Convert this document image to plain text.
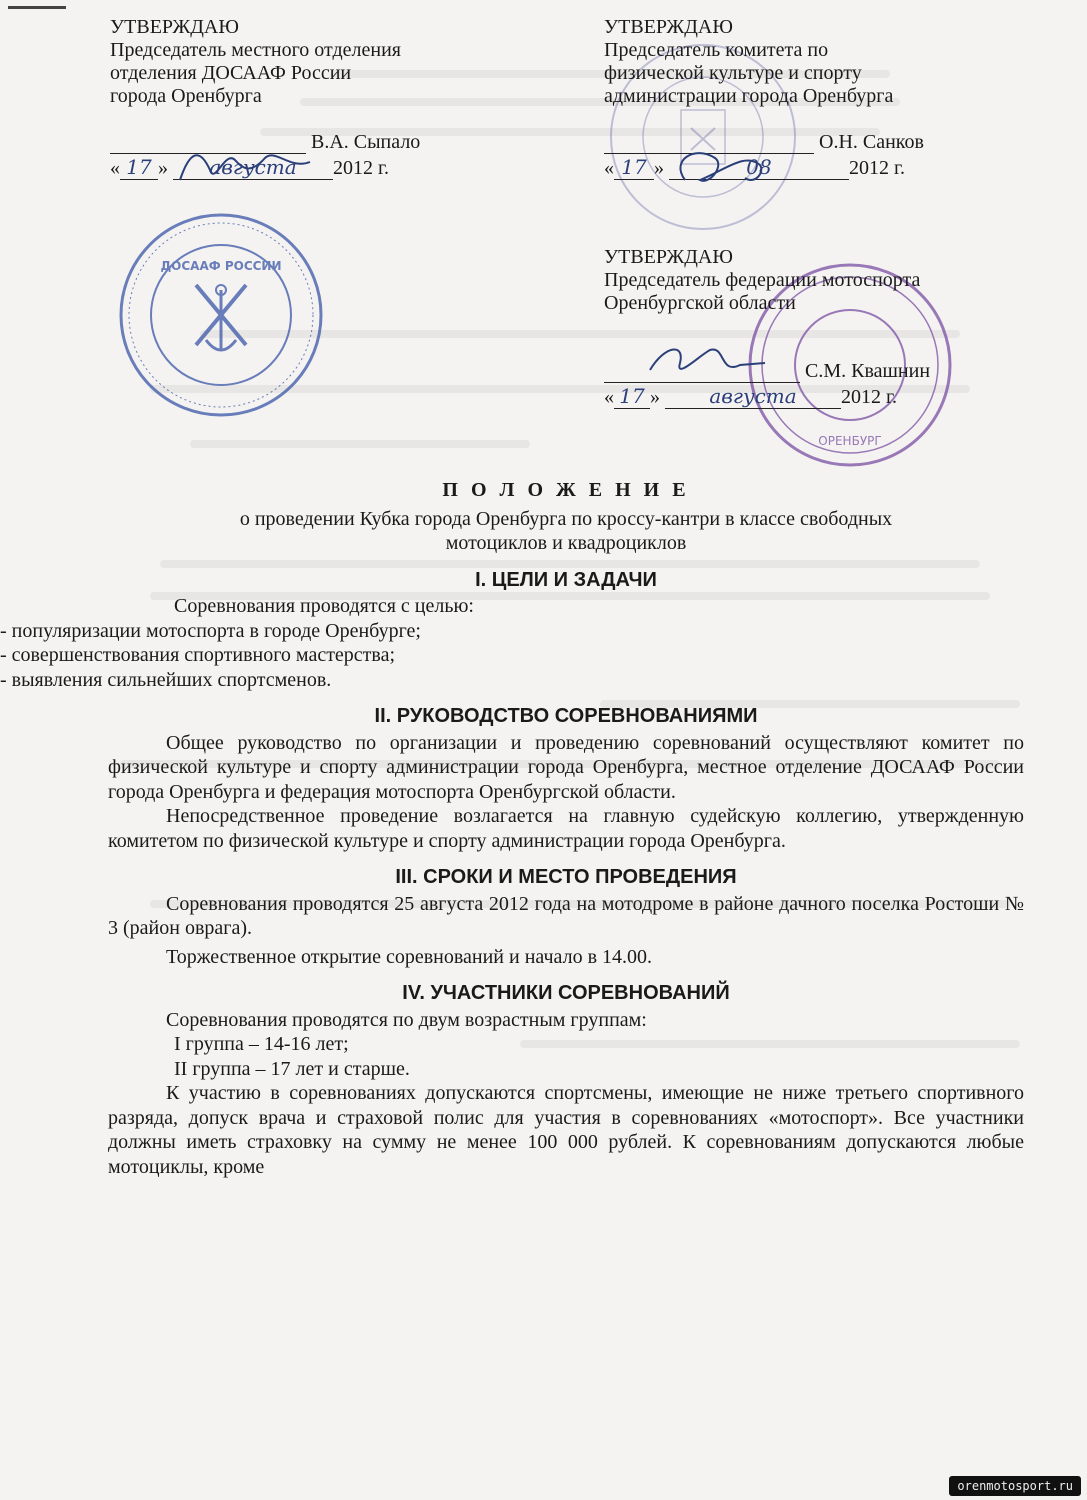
ДОСААФ РОССИИ
ОРЕНБУРГ
УТВЕРЖДАЮ
Председатель местного отделения
отделения ДОСААФ России
города Оренбурга
В.А. Сыпало
« 17 » августа 2012 г.
УТВЕРЖДАЮ
Председатель комитета по
физической культуре и спорту
администрации города Оренбурга
О.Н. Санков
« 17 »	08	2012 г.
УТВЕРЖДАЮ
Председатель федерации мотоспорта
Оренбургской области
С.М. Квашнин
« 17 » августа 2012 г.

П О Л О Ж Е Н И Е

о проведении Кубка города Оренбурга по кроссу-кантри в классе свободных

мотоциклов и квадроциклов

I. ЦЕЛИ И ЗАДАЧИ

Соревнования проводятся с целью:

- популяризации мотоспорта в городе Оренбурге;

- совершенствования спортивного мастерства;

- выявления сильнейших спортсменов.

II. РУКОВОДСТВО СОРЕВНОВАНИЯМИ

Общее руководство по организации и проведению соревнований осуществляют комитет по физической культуре и спорту администрации города Оренбурга, местное отделение ДОСААФ России города Оренбурга и федерация мотоспорта Оренбургской области.

Непосредственное проведение возлагается на главную судейскую коллегию, утвержденную комитетом по физической культуре и спорту администрации города Оренбурга.

III. СРОКИ И МЕСТО ПРОВЕДЕНИЯ

Соревнования проводятся 25 августа 2012 года на мотодроме в районе дачного поселка Ростоши № 3 (район оврага).

Торжественное открытие соревнований и начало в 14.00.

IV. УЧАСТНИКИ СОРЕВНОВАНИЙ

Соревнования проводятся по двум возрастным группам:

I группа – 14-16 лет;

II группа – 17 лет и старше.

К участию в соревнованиях допускаются спортсмены, имеющие не ниже третьего спортивного разряда, допуск врача и страховой полис для участия в соревнованиях «мотоспорт». Все участники должны иметь страховку на сумму не менее 100 000 рублей. К соревнованиям допускаются любые мотоциклы, кроме

orenmotosport.ru
